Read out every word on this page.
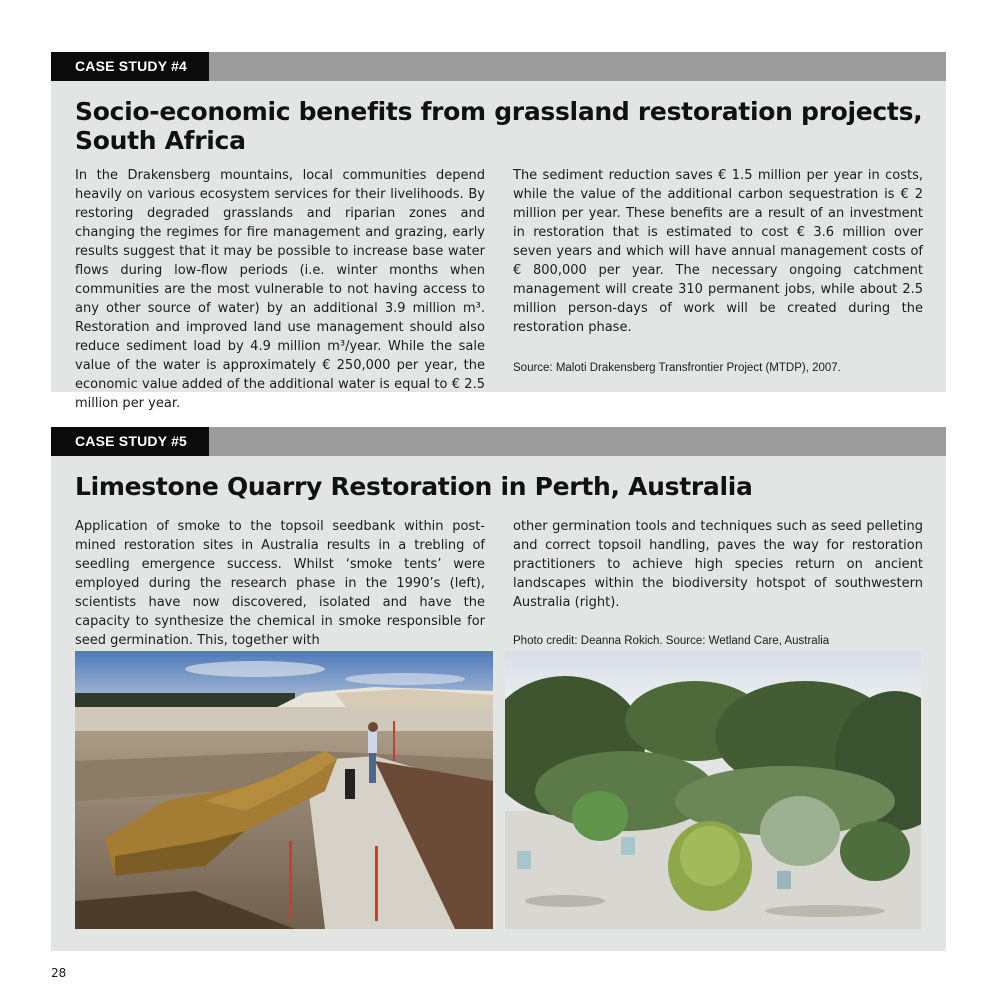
CASE STUDY #4
Socio-economic benefits from grassland restoration projects,
South Africa

In the Drakensberg mountains, local communities depend heavily on various ecosystem services for their livelihoods. By restoring degraded grasslands and riparian zones and changing the regimes for fire management and grazing, early results suggest that it may be possible to increase base water flows during low-flow periods (i.e. winter months when communities are the most vulnerable to not having access to any other source of water) by an additional 3.9 million m³. Restoration and improved land use management should also reduce sediment load by 4.9 million m³/year. While the sale value of the water is approximately € 250,000 per year, the economic value added of the additional water is equal to € 2.5 million per year.

The sediment reduction saves € 1.5 million per year in costs, while the value of the additional carbon sequestration is € 2 million per year. These benefits are a result of an investment in restoration that is estimated to cost € 3.6 million over seven years and which will have annual management costs of € 800,000 per year. The necessary ongoing catchment management will create 310 permanent jobs, while about 2.5 million person-days of work will be created during the restoration phase.

Source: Maloti Drakensberg Transfrontier Project (MTDP), 2007.

CASE STUDY #5
Limestone Quarry Restoration in Perth, Australia

Application of smoke to the topsoil seedbank within post-mined restoration sites in Australia results in a trebling of seedling emergence success. Whilst ‘smoke tents’ were employed during the research phase in the 1990’s (left), scientists have now discovered, isolated and have the capacity to synthesize the chemical in smoke responsible for seed germination. This, together with

other germination tools and techniques such as seed pelleting and correct topsoil handling, paves the way for restoration practitioners to achieve high species return on ancient landscapes within the biodiversity hotspot of southwestern Australia (right).

Photo credit: Deanna Rokich. Source: Wetland Care, Australia

28
